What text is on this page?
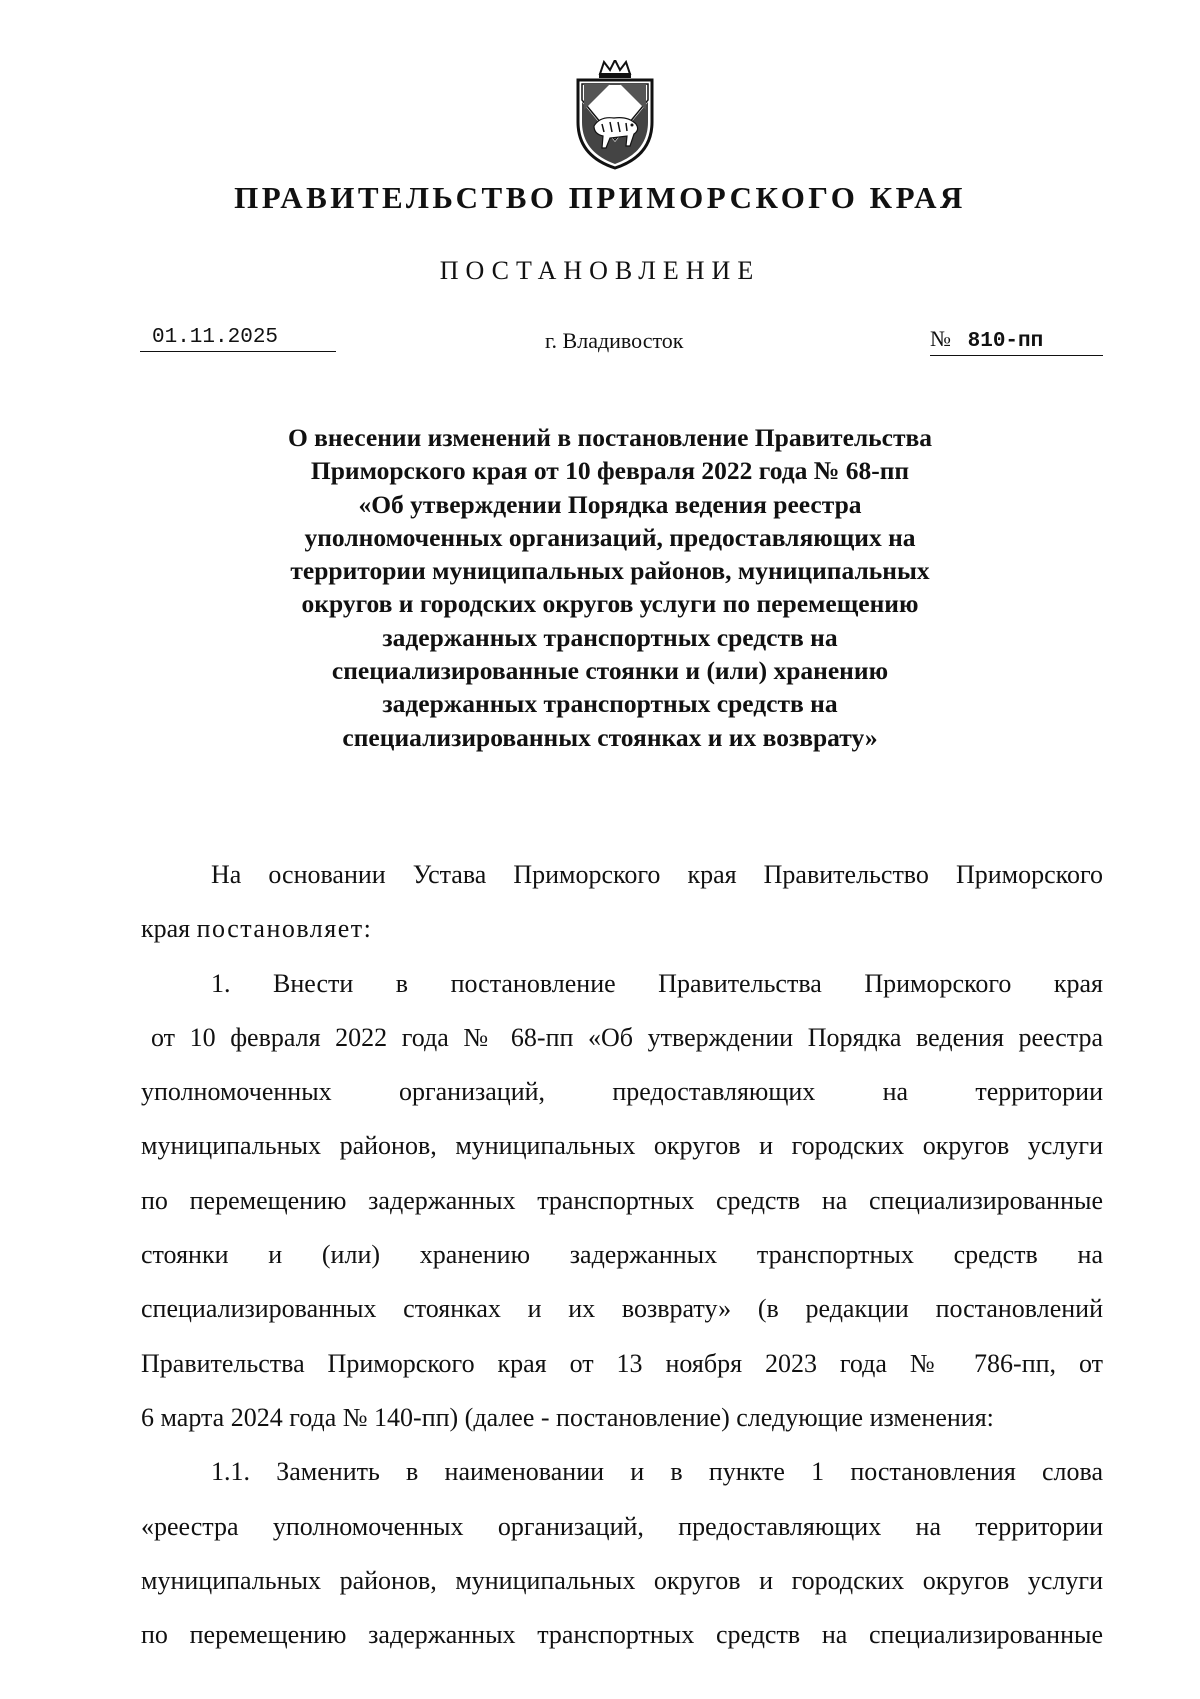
ПРАВИТЕЛЬСТВО ПРИМОРСКОГО КРАЯ
ПОСТАНОВЛЕНИЕ
01.11.2025	г. Владивосток	№ 810-пп
О внесении изменений в постановление Правительства
Приморского края от 10 февраля 2022 года № 68-пп
«Об утверждении Порядка ведения реестра
уполномоченных организаций, предоставляющих на
территории муниципальных районов, муниципальных
округов и городских округов услуги по перемещению
задержанных транспортных средств на
специализированные стоянки и (или) хранению
задержанных транспортных средств на
специализированных стоянках и их возврату»
На основании Устава Приморского края Правительство Приморского
края постановляет:
1. Внести в постановление Правительства Приморского края
от 10 февраля 2022 года № 68-пп «Об утверждении Порядка ведения реестра
уполномоченных организаций, предоставляющих на территории
муниципальных районов, муниципальных округов и городских округов услуги
по перемещению задержанных транспортных средств на специализированные
стоянки и (или) хранению задержанных транспортных средств на
специализированных стоянках и их возврату» (в редакции постановлений
Правительства Приморского края от 13 ноября 2023 года № 786-пп, от
6 марта 2024 года № 140-пп) (далее - постановление) следующие изменения:
1.1. Заменить в наименовании и в пункте 1 постановления слова
«реестра уполномоченных организаций, предоставляющих на территории
муниципальных районов, муниципальных округов и городских округов услуги
по перемещению задержанных транспортных средств на специализированные
